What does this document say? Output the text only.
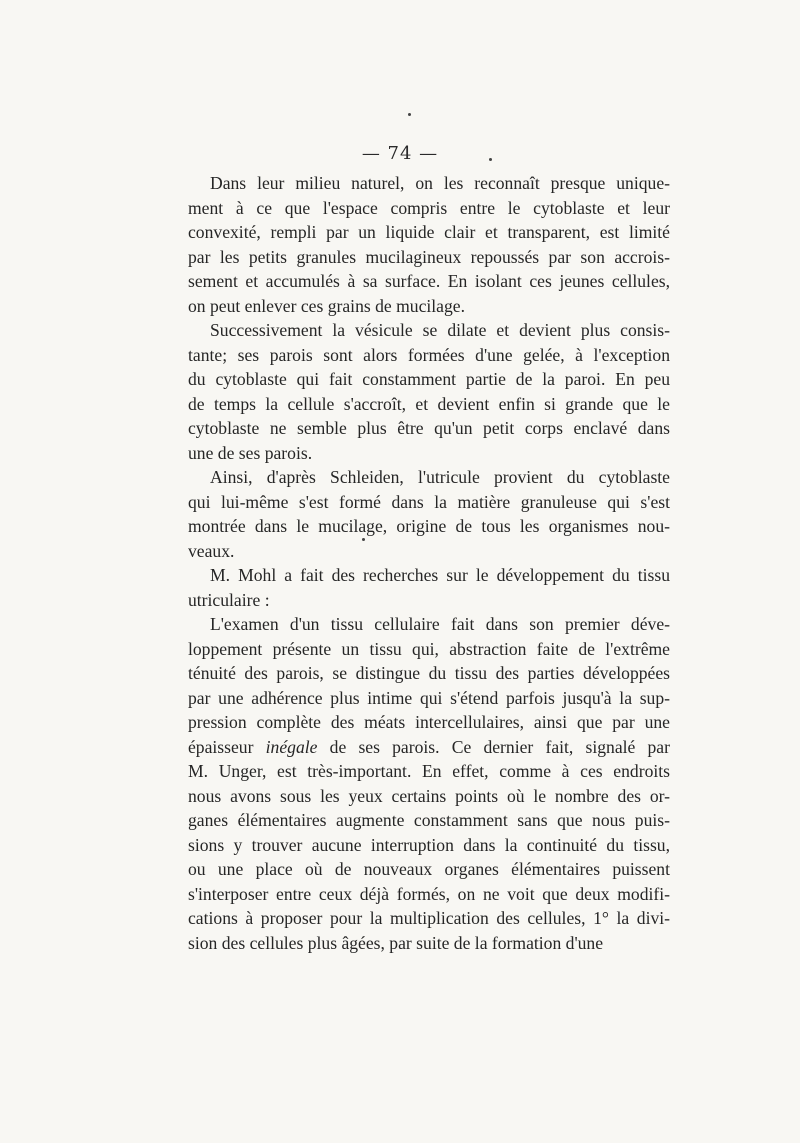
— 74 —
Dans leur milieu naturel, on les reconnaît presque unique-
ment à ce que l'espace compris entre le cytoblaste et leur
convexité, rempli par un liquide clair et transparent, est limité
par les petits granules mucilagineux repoussés par son accrois-
sement et accumulés à sa surface. En isolant ces jeunes cellules,
on peut enlever ces grains de mucilage.
Successivement la vésicule se dilate et devient plus consis-
tante; ses parois sont alors formées d'une gelée, à l'exception
du cytoblaste qui fait constamment partie de la paroi. En peu
de temps la cellule s'accroît, et devient enfin si grande que le
cytoblaste ne semble plus être qu'un petit corps enclavé dans
une de ses parois.
Ainsi, d'après Schleiden, l'utricule provient du cytoblaste
qui lui-même s'est formé dans la matière granuleuse qui s'est
montrée dans le mucilage, origine de tous les organismes nou-
veaux.
M. Mohl a fait des recherches sur le développement du tissu
utriculaire :
L'examen d'un tissu cellulaire fait dans son premier déve-
loppement présente un tissu qui, abstraction faite de l'extrême
ténuité des parois, se distingue du tissu des parties développées
par une adhérence plus intime qui s'étend parfois jusqu'à la sup-
pression complète des méats intercellulaires, ainsi que par une
épaisseur inégale de ses parois. Ce dernier fait, signalé par
M. Unger, est très-important. En effet, comme à ces endroits
nous avons sous les yeux certains points où le nombre des or-
ganes élémentaires augmente constamment sans que nous puis-
sions y trouver aucune interruption dans la continuité du tissu,
ou une place où de nouveaux organes élémentaires puissent
s'interposer entre ceux déjà formés, on ne voit que deux modifi-
cations à proposer pour la multiplication des cellules, 1° la divi-
sion des cellules plus âgées, par suite de la formation d'une
